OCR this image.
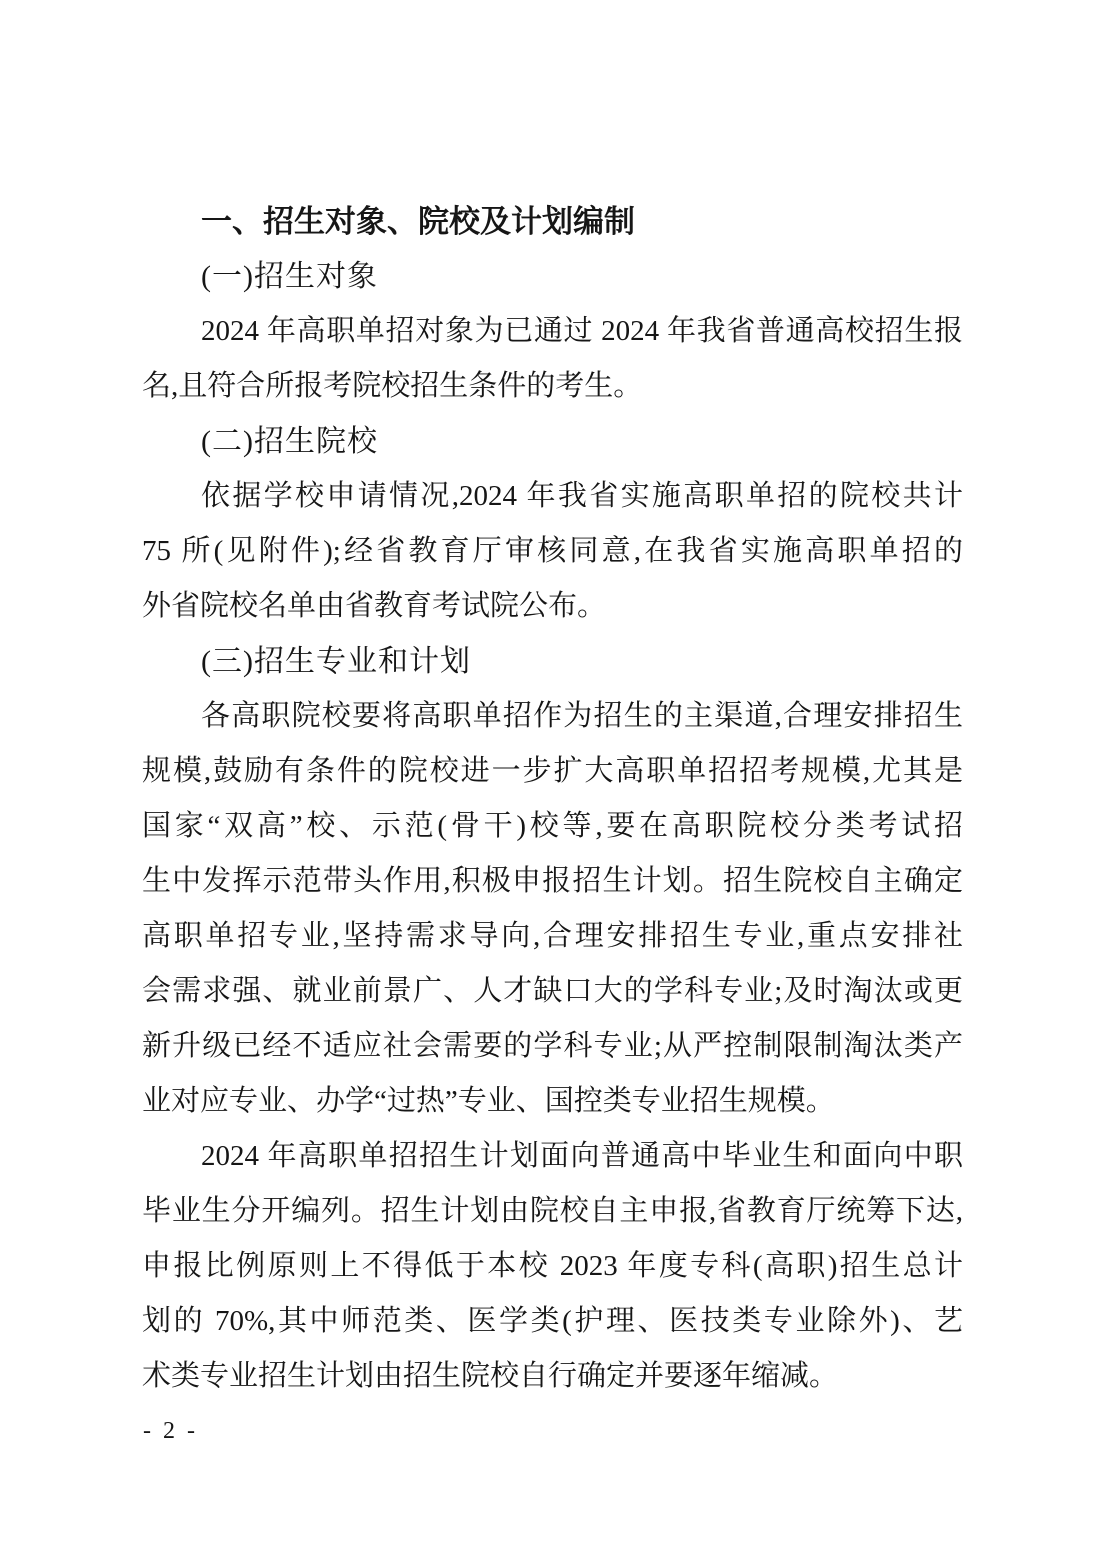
一、招生对象、院校及计划编制
(一)招生对象
2024 年高职单招对象为已通过 2024 年我省普通高校招生报
名,且符合所报考院校招生条件的考生。
(二)招生院校
依据学校申请情况,2024 年我省实施高职单招的院校共计
75 所(见附件);经省教育厅审核同意,在我省实施高职单招的
外省院校名单由省教育考试院公布。
(三)招生专业和计划
各高职院校要将高职单招作为招生的主渠道,合理安排招生
规模,鼓励有条件的院校进一步扩大高职单招招考规模,尤其是
国家“双高”校、示范(骨干)校等,要在高职院校分类考试招
生中发挥示范带头作用,积极申报招生计划。招生院校自主确定
高职单招专业,坚持需求导向,合理安排招生专业,重点安排社
会需求强、就业前景广、人才缺口大的学科专业;及时淘汰或更
新升级已经不适应社会需要的学科专业;从严控制限制淘汰类产
业对应专业、办学“过热”专业、国控类专业招生规模。
2024 年高职单招招生计划面向普通高中毕业生和面向中职
毕业生分开编列。招生计划由院校自主申报,省教育厅统筹下达,
申报比例原则上不得低于本校 2023 年度专科(高职)招生总计
划的 70%,其中师范类、医学类(护理、医技类专业除外)、艺
术类专业招生计划由招生院校自行确定并要逐年缩减。
- 2 -
